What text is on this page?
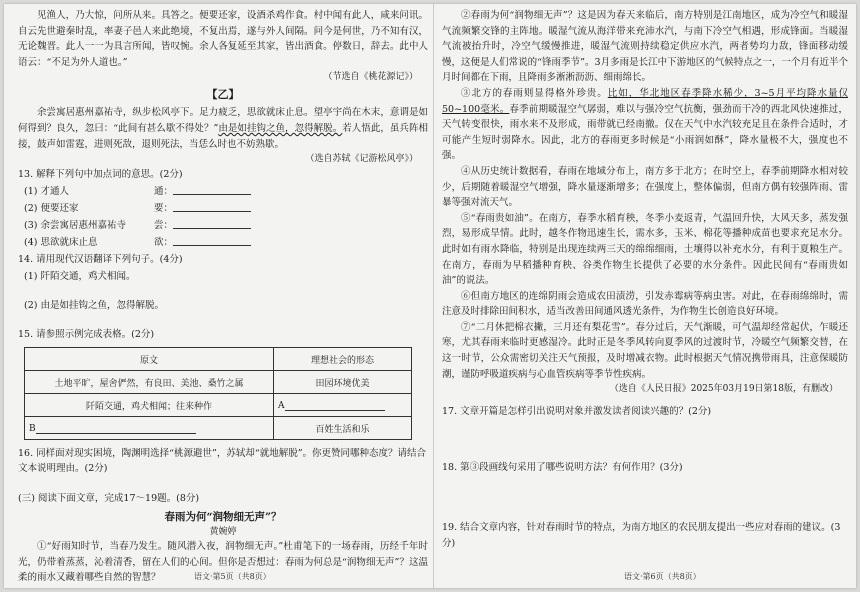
见渔人，乃大惊，问所从来。具答之。便要还家，设酒杀鸡作食。村中闻有此人，咸来问讯。自云先世避秦时乱，率妻子邑人来此绝境，不复出焉，遂与外人间隔。问今是何世，乃不知有汉，无论魏晋。此人一一为具言所闻，皆叹惋。余人各复延至其家，皆出酒食。停数日，辞去。此中人语云：“不足为外人道也。”

（节选自《桃花源记》）

【乙】

余尝寓居惠州嘉祐寺，纵步松风亭下。足力疲乏，思欲就床止息。望亭宇尚在木末，意谓是如何得到？良久，忽曰：“此间有甚么歇不得处？”由是如挂钩之鱼，忽得解脱。若人悟此，虽兵阵相接，鼓声如雷霆，进则死敌，退则死法，当恁么时也不妨熟歇。

（选自苏轼《记游松风亭》）

13. 解释下列句中加点词的意思。(2分)

(1) 才通人	通：
(2) 便要还家	要：
(3) 余尝寓居惠州嘉祐寺	尝：
(4) 思欲就床止息	欲：

14. 请用现代汉语翻译下列句子。(4分)

(1) 阡陌交通，鸡犬相闻。

(2) 由是如挂钩之鱼，忽得解脱。

15. 请参照示例完成表格。(2分)

原文	理想社会的形态
土地平旷，屋舍俨然，有良田、美池、桑竹之属	田园环境优美
阡陌交通，鸡犬相闻；往来种作	A
B	百姓生活和乐

16. 同样面对现实困境，陶渊明选择“桃源避世”，苏轼却“就地解脱”。你更赞同哪种态度？请结合文本说明理由。(2分)

(三) 阅读下面文章，完成17～19题。(8分)

春雨为何“润物细无声”？

黄婉婷

①“好雨知时节，当春乃发生。随风潜入夜，润物细无声。”杜甫笔下的一场春雨，历经千年时光，仍带着蒸蒸，沁着清香，留在人们的心间。但你是否想过：春雨为何总是“润物细无声”？这温柔的雨水又藏着哪些自然的智慧？	语文·第5页（共8页）

②春雨为何“润物细无声”？这是因为春天来临后，南方特别是江南地区，成为冷空气和暖湿气流频繁交锋的主阵地。暖湿气流从海洋带来充沛水汽，与南下冷空气相遇，形成锋面。当暖湿气流被抬升时，冷空气缓慢推进，暖湿气流则持续稳定供应水汽，两者势均力敌，锋面移动缓慢，这便是人们常说的“锋雨季节”。3月多雨是长江中下游地区的气候特点之一，一个月有近半个月时间都在下雨，且降雨多淅淅沥沥、细雨绵长。

③北方的春雨则显得格外珍贵。比如，华北地区春季降水稀少，3~5月平均降水量仅50~100毫米。春季前期暖湿空气孱弱，难以与强冷空气抗衡，强劲而干冷的西北风快速推过，天气转变很快，雨水来不及形成，雨带就已经南撤。仅在天气中水汽较充足且在条件合适时，才可能产生短时弱降水。因此，北方的春雨更多时候是“小雨润如酥”，降水量极不大，强度也不强。

④从历史统计数据看，春雨在地域分布上，南方多于北方；在时空上，春季前期降水相对较少，后期随着暖湿空气增强，降水量逐渐增多；在强度上，整体偏弱，但南方偶有较强阵雨、雷暴等强对流天气。

⑤“春雨贵如油”。在南方，春季水稻育秧，冬季小麦返青，气温回升快，大风天多，蒸发强烈，易形成旱情。此时，越冬作物迅速生长，需水多，玉米、棉花等播种成苗也要求充足水分。此时如有雨水降临，特别是出现连续两三天的绵绵细雨，土壤得以补充水分，有利于夏粮生产。在南方，春雨为早稻播种育秧、谷类作物生长提供了必要的水分条件。因此民间有“春雨贵如油”的说法。

⑥但南方地区的连绵阴雨会造成农田渍涝，引发赤霉病等病虫害。对此，在春雨绵绵时，需注意及时排除田间积水，适当改善田间通风透光条件，为作物生长创造良好环境。

⑦“二月休把棉衣撇，三月还有梨花雪”。春分过后，天气渐暖，可气温却经常起伏，乍暖还寒，尤其春雨来临时更感湿冷。此时正是冬季风转向夏季风的过渡时节，冷暖空气频繁交替，在这一时节，公众需密切关注天气预报，及时增减衣物。此时根据天气情况携带雨具，注意保暖防潮，谨防呼吸道疾病与心血管疾病等季节性疾病。

（选自《人民日报》2025年03月19日第18版，有删改）

17. 文章开篇是怎样引出说明对象并激发读者阅读兴趣的？(2分)

18. 第③段画线句采用了哪些说明方法？有何作用？(3分)

19. 结合文章内容，针对春雨时节的特点，为南方地区的农民朋友提出一些应对春雨的建议。(3分)

语文·第6页（共8页）
